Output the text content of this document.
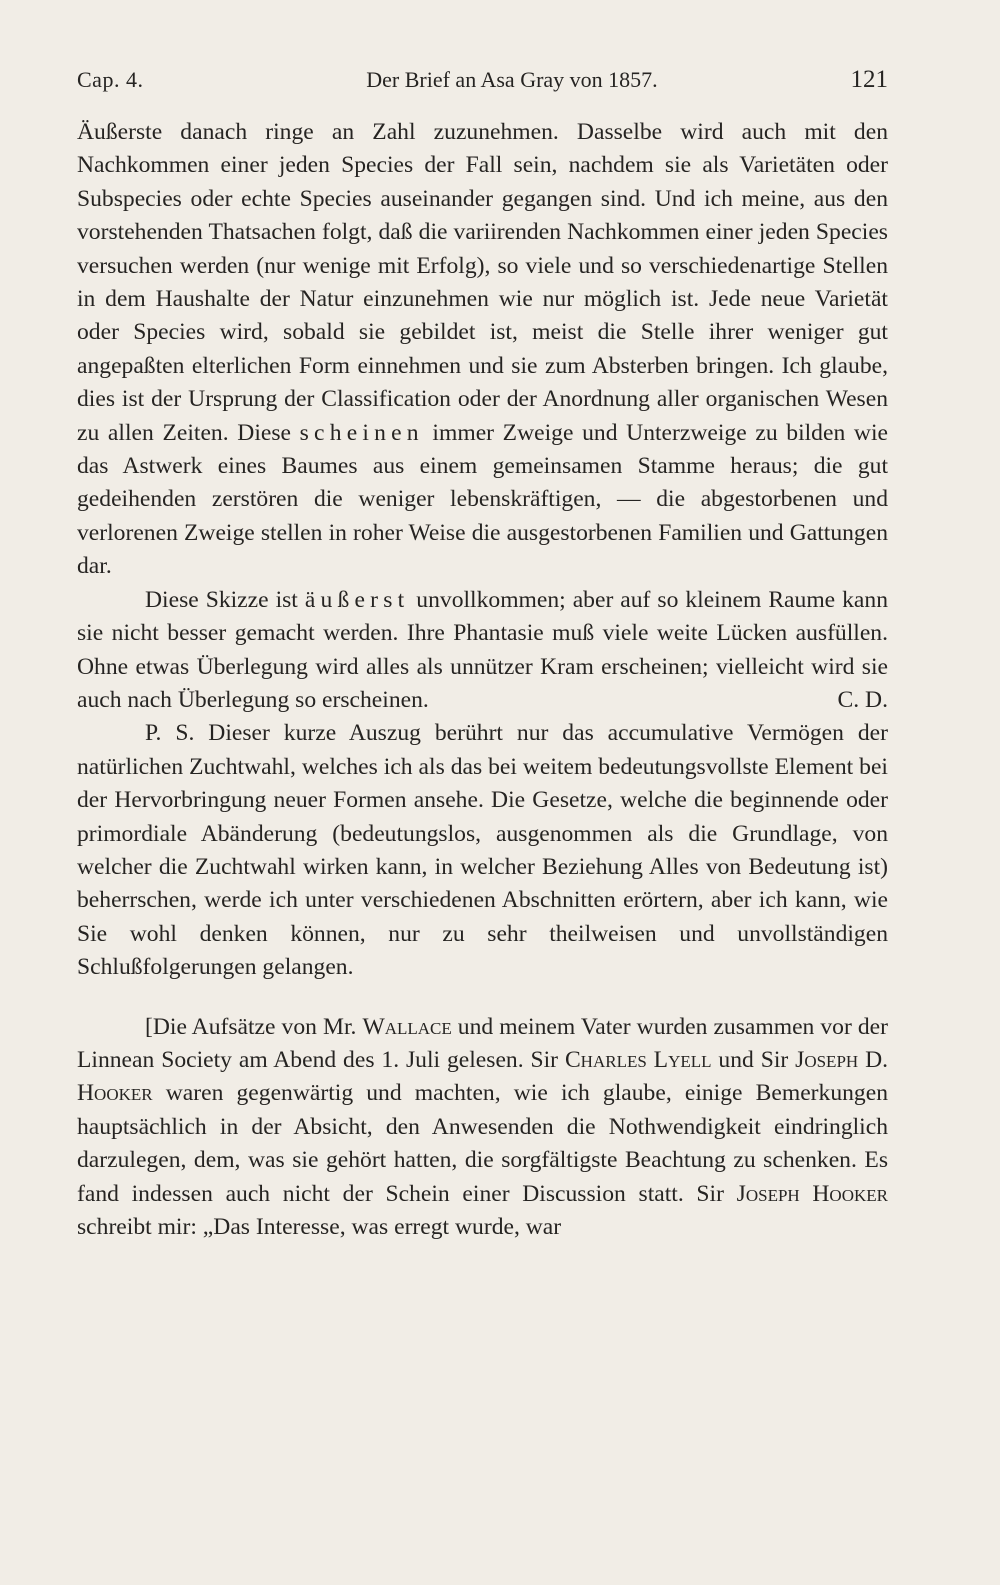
Cap. 4.	Der Brief an Asa Gray von 1857.	121

Äußerste danach ringe an Zahl zuzunehmen. Dasselbe wird auch mit den Nachkommen einer jeden Species der Fall sein, nachdem sie als Varietäten oder Subspecies oder echte Species auseinander gegangen sind. Und ich meine, aus den vorstehenden Thatsachen folgt, daß die variirenden Nachkommen einer jeden Species versuchen werden (nur wenige mit Erfolg), so viele und so verschiedenartige Stellen in dem Haushalte der Natur einzunehmen wie nur möglich ist. Jede neue Varietät oder Species wird, sobald sie gebildet ist, meist die Stelle ihrer weniger gut angepaßten elterlichen Form einnehmen und sie zum Absterben bringen. Ich glaube, dies ist der Ursprung der Classification oder der Anordnung aller organischen Wesen zu allen Zeiten. Diese scheinen immer Zweige und Unterzweige zu bilden wie das Astwerk eines Baumes aus einem gemeinsamen Stamme heraus; die gut gedeihenden zerstören die weniger lebenskräftigen, — die abgestorbenen und verlorenen Zweige stellen in roher Weise die ausgestorbenen Familien und Gattungen dar.

Diese Skizze ist äußerst unvollkommen; aber auf so kleinem Raume kann sie nicht besser gemacht werden. Ihre Phantasie muß viele weite Lücken ausfüllen. Ohne etwas Überlegung wird alles als unnützer Kram erscheinen; vielleicht wird sie auch nach Überlegung so erscheinen.	C. D.

P. S. Dieser kurze Auszug berührt nur das accumulative Vermögen der natürlichen Zuchtwahl, welches ich als das bei weitem bedeutungsvollste Element bei der Hervorbringung neuer Formen ansehe. Die Gesetze, welche die beginnende oder primordiale Abänderung (bedeutungslos, ausgenommen als die Grundlage, von welcher die Zuchtwahl wirken kann, in welcher Beziehung Alles von Bedeutung ist) beherrschen, werde ich unter verschiedenen Abschnitten erörtern, aber ich kann, wie Sie wohl denken können, nur zu sehr theilweisen und unvollständigen Schlußfolgerungen gelangen.

[Die Aufsätze von Mr. Wallace und meinem Vater wurden zusammen vor der Linnean Society am Abend des 1. Juli gelesen. Sir Charles Lyell und Sir Joseph D. Hooker waren gegenwärtig und machten, wie ich glaube, einige Bemerkungen hauptsächlich in der Absicht, den Anwesenden die Nothwendigkeit eindringlich darzulegen, dem, was sie gehört hatten, die sorgfältigste Beachtung zu schenken. Es fand indessen auch nicht der Schein einer Discussion statt. Sir Joseph Hooker schreibt mir: „Das Interesse, was erregt wurde, war
